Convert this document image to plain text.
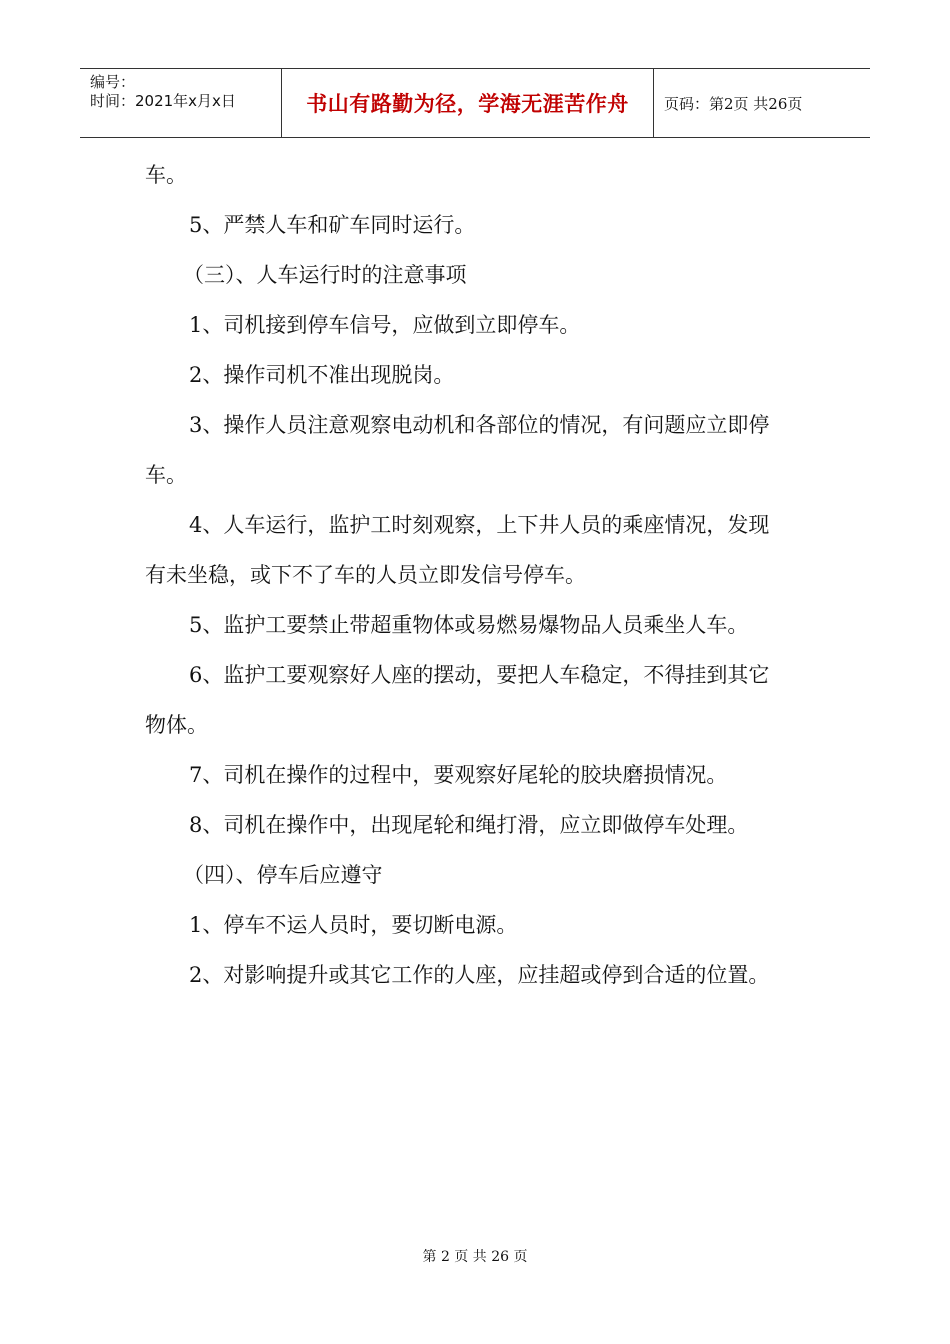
编号：
时间：2021年x月x日	书山有路勤为径，学海无涯苦作舟 页码：第2页 共26页

车。

5、严禁人车和矿车同时运行。

（三）、人车运行时的注意事项

1、司机接到停车信号，应做到立即停车。

2、操作司机不准出现脱岗。

3、操作人员注意观察电动机和各部位的情况，有问题应立即停

车。

4、人车运行，监护工时刻观察，上下井人员的乘座情况，发现

有未坐稳，或下不了车的人员立即发信号停车。

5、监护工要禁止带超重物体或易燃易爆物品人员乘坐人车。

6、监护工要观察好人座的摆动，要把人车稳定，不得挂到其它

物体。

7、司机在操作的过程中，要观察好尾轮的胶块磨损情况。

8、司机在操作中，出现尾轮和绳打滑，应立即做停车处理。

（四）、停车后应遵守

1、停车不运人员时，要切断电源。

2、对影响提升或其它工作的人座，应挂超或停到合适的位置。

第 2 页 共 26 页
